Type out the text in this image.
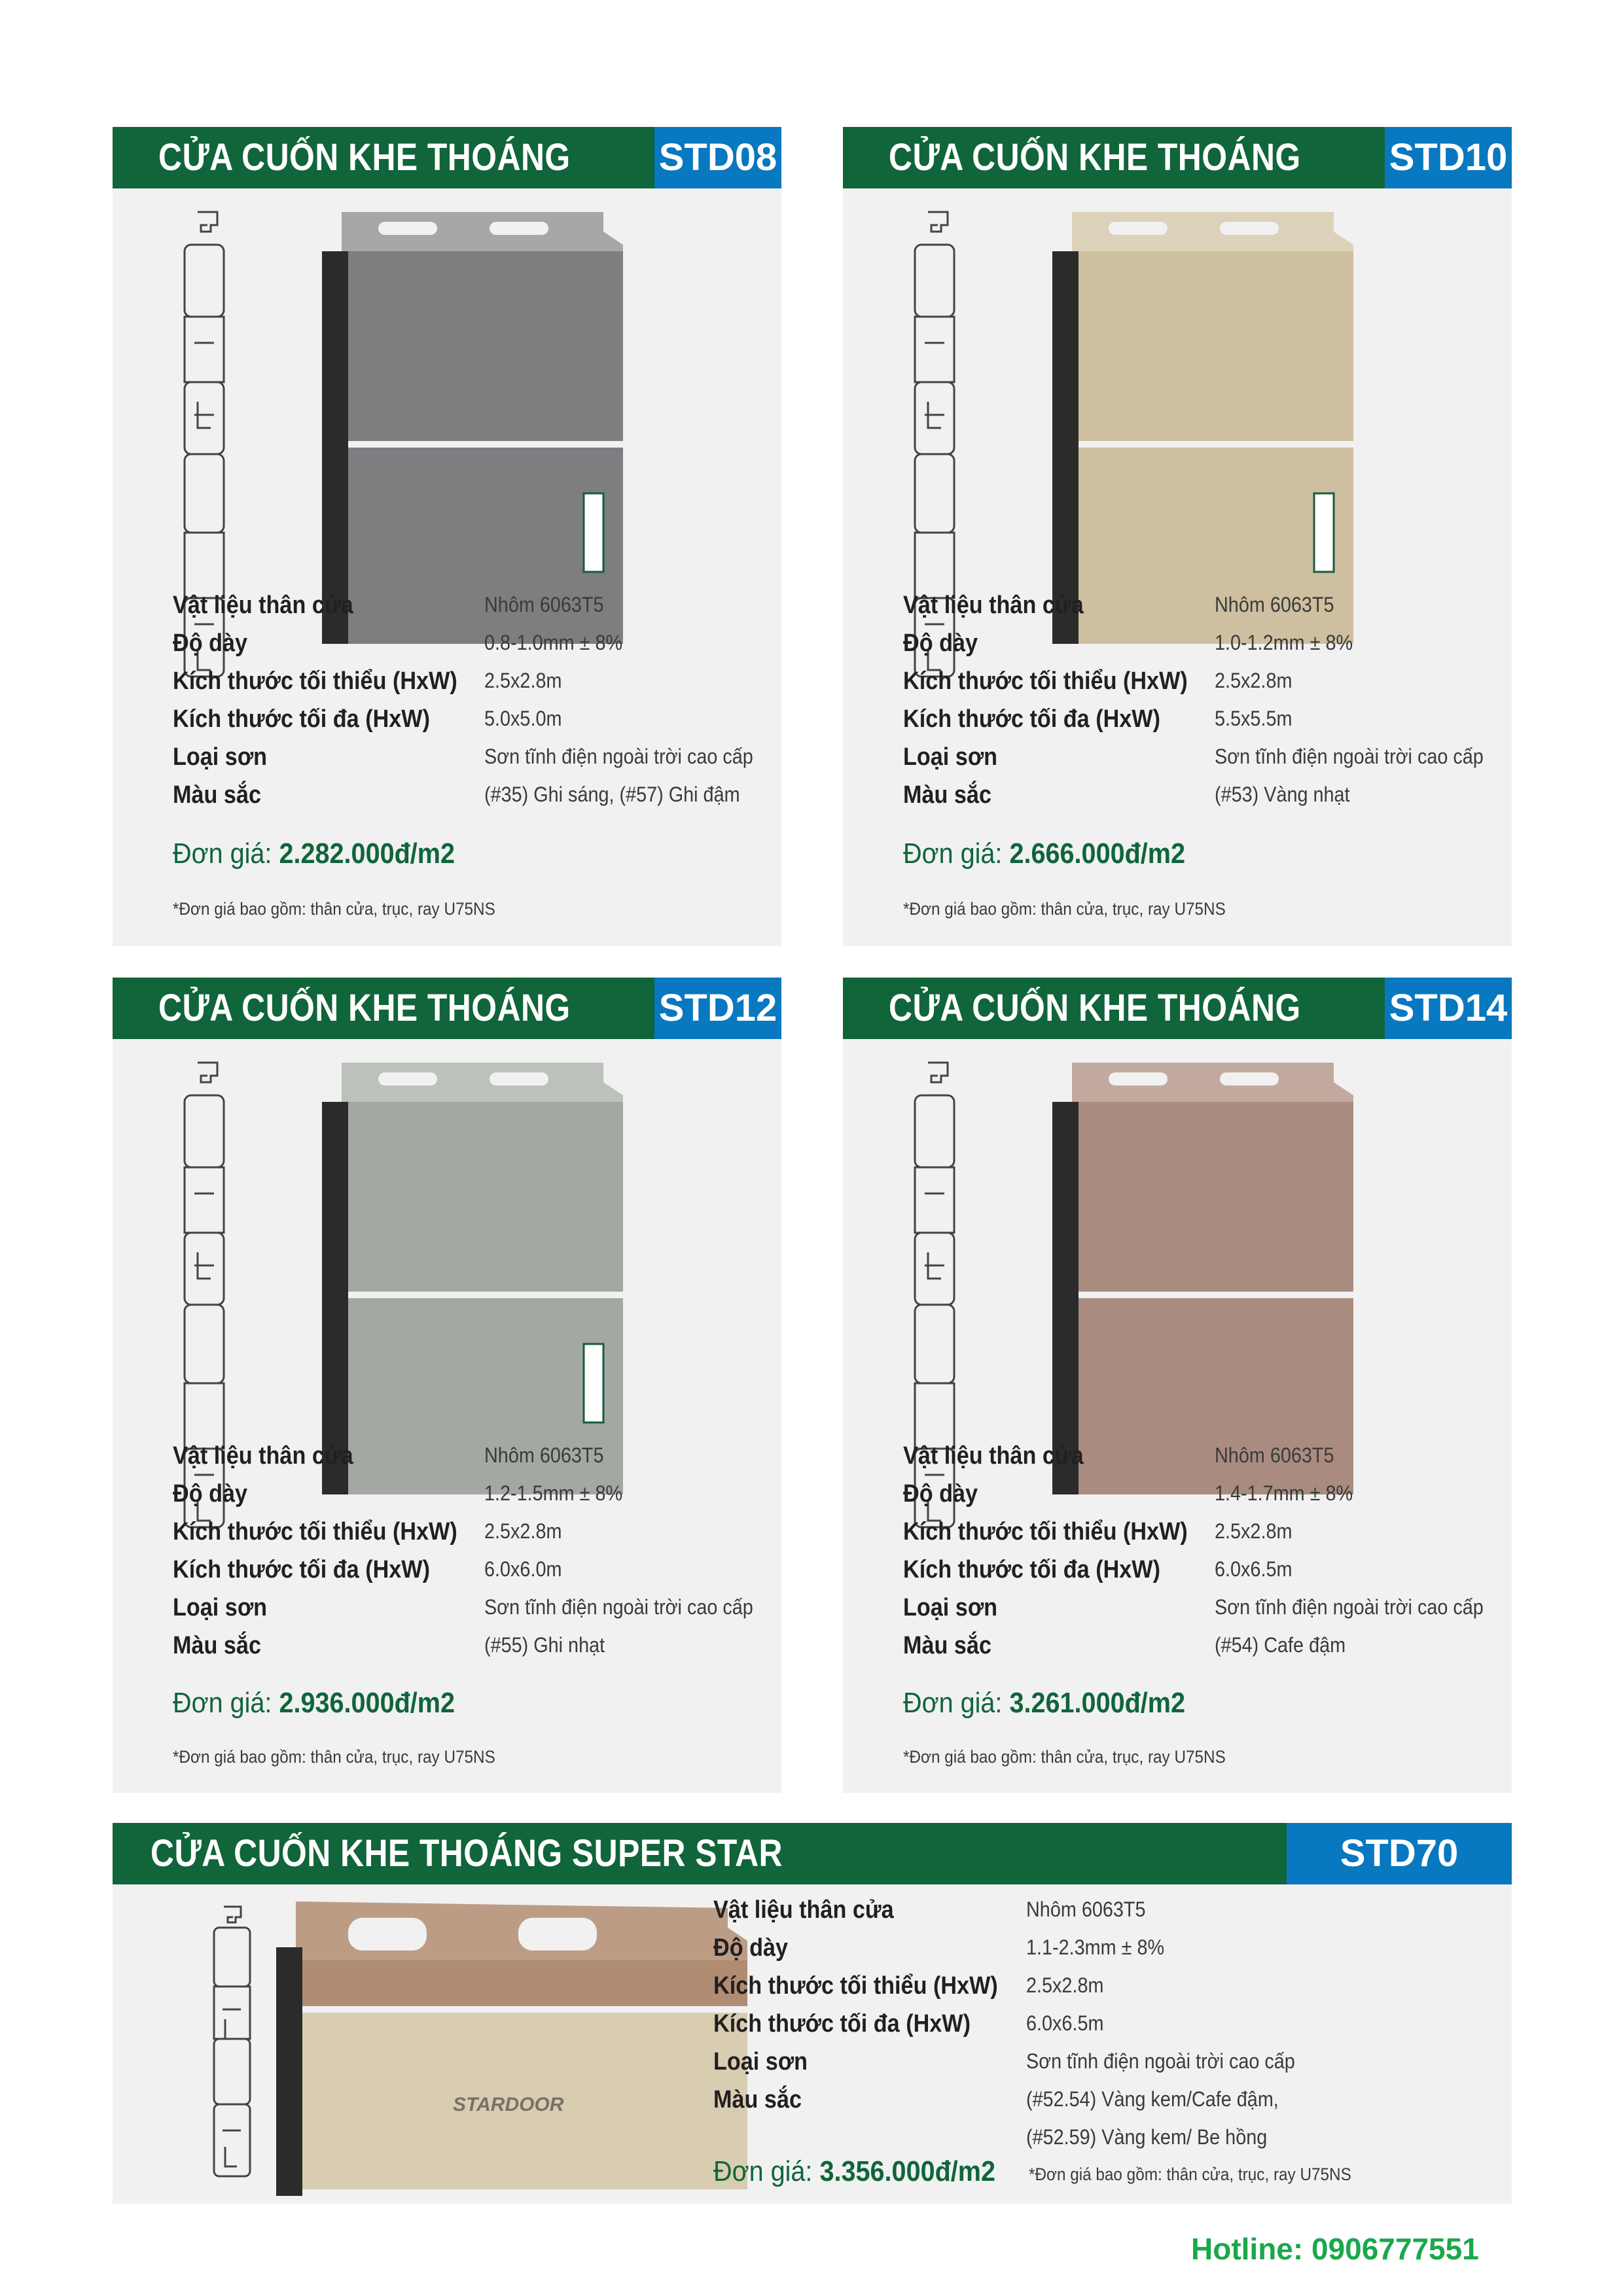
CỬA CUỐN KHE THOÁNG STD08
Vật liệu thân cửa	Nhôm 6063T5
Độ dày	0.8-1.0mm ± 8%
Kích thước tối thiểu (HxW) 2.5x2.8m
Kích thước tối đa (HxW)	5.0x5.0m
Loại sơn	Sơn tĩnh điện ngoài trời cao cấp
Màu sắc	(#35) Ghi sáng, (#57) Ghi đậm
Đơn giá: 2.282.000đ/m2
*Đơn giá bao gồm: thân cửa, trục, ray U75NS
CỬA CUỐN KHE THOÁNG STD10
Vật liệu thân cửa	Nhôm 6063T5
Độ dày	1.0-1.2mm ± 8%
Kích thước tối thiểu (HxW) 2.5x2.8m
Kích thước tối đa (HxW)	5.5x5.5m
Loại sơn	Sơn tĩnh điện ngoài trời cao cấp
Màu sắc	(#53) Vàng nhạt
Đơn giá: 2.666.000đ/m2
*Đơn giá bao gồm: thân cửa, trục, ray U75NS
CỬA CUỐN KHE THOÁNG STD12
Vật liệu thân cửa	Nhôm 6063T5
Độ dày	1.2-1.5mm ± 8%
Kích thước tối thiểu (HxW) 2.5x2.8m
Kích thước tối đa (HxW)	6.0x6.0m
Loại sơn	Sơn tĩnh điện ngoài trời cao cấp
Màu sắc	(#55) Ghi nhạt
Đơn giá: 2.936.000đ/m2
*Đơn giá bao gồm: thân cửa, trục, ray U75NS
CỬA CUỐN KHE THOÁNG STD14
Vật liệu thân cửa	Nhôm 6063T5
Độ dày	1.4-1.7mm ± 8%
Kích thước tối thiểu (HxW) 2.5x2.8m
Kích thước tối đa (HxW)	6.0x6.5m
Loại sơn	Sơn tĩnh điện ngoài trời cao cấp
Màu sắc	(#54) Cafe đậm
Đơn giá: 3.261.000đ/m2
*Đơn giá bao gồm: thân cửa, trục, ray U75NS
CỬA CUỐN KHE THOÁNG SUPER STAR	STD70
STARDOOR
Vật liệu thân cửa	Nhôm 6063T5
Độ dày	1.1-2.3mm ± 8%
Kích thước tối thiểu (HxW) 2.5x2.8m
Kích thước tối đa (HxW)	6.0x6.5m
Loại sơn	Sơn tĩnh điện ngoài trời cao cấp
Màu sắc	(#52.54) Vàng kem/Cafe đậm,
(#52.59) Vàng kem/ Be hồng
Đơn giá: 3.356.000đ/m2 *Đơn giá bao gồm: thân cửa, trục, ray U75NS
Hotline: 0906777551
